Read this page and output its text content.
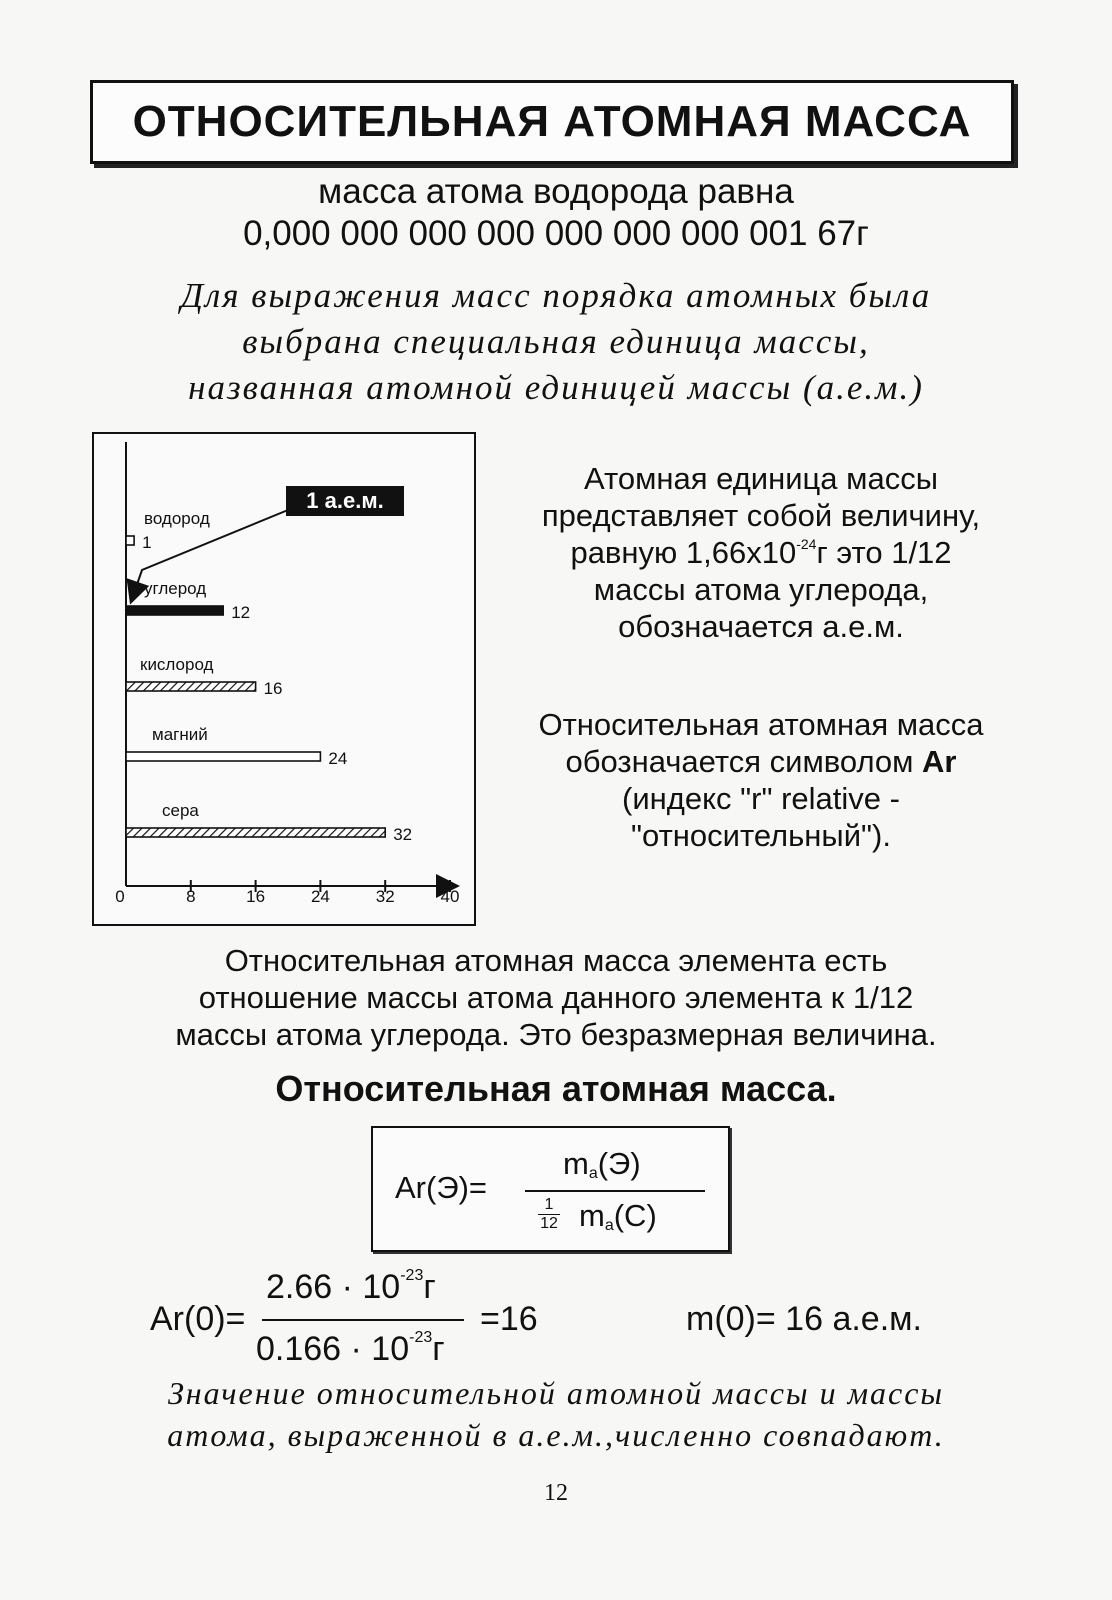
ОТНОСИТЕЛЬНАЯ АТОМНАЯ МАССА
масса атома водорода равна
0,000 000 000 000 000 000 000 001 67г
Для выражения масс порядка атомных была
выбрана специальная единица массы,
названная атомной единицей массы (а.е.м.)
0	8	16	24	32	40
водород
1
углерод
12
кислород
16
магний
24
сера
32
1 а.е.м.
Атомная единица массы
представляет собой величину,
равную $1,66х10^{-24}г$ это 1/12
массы атома углерода,
обозначается а.е.м.
Относительная атомная масса
обозначается символом Ar
(индекс "r" relative -
"относительный").
Относительная атомная масса элемента есть
отношение массы атома данного элемента к 1/12
массы атома углерода. Это безразмерная величина.
Относительная атомная масса.
Ar(Э)=
$m_a(Э)$
1
12 $m_a(C)$
Ar(0)=
$2.66 \cdot 10^{-23}г$
$0.166 \cdot 10^{-23}г$
=16	m(0)= 16 а.е.м.
Значение относительной атомной массы и массы
атома, выраженной в а.е.м.,численно совпадают.
12
